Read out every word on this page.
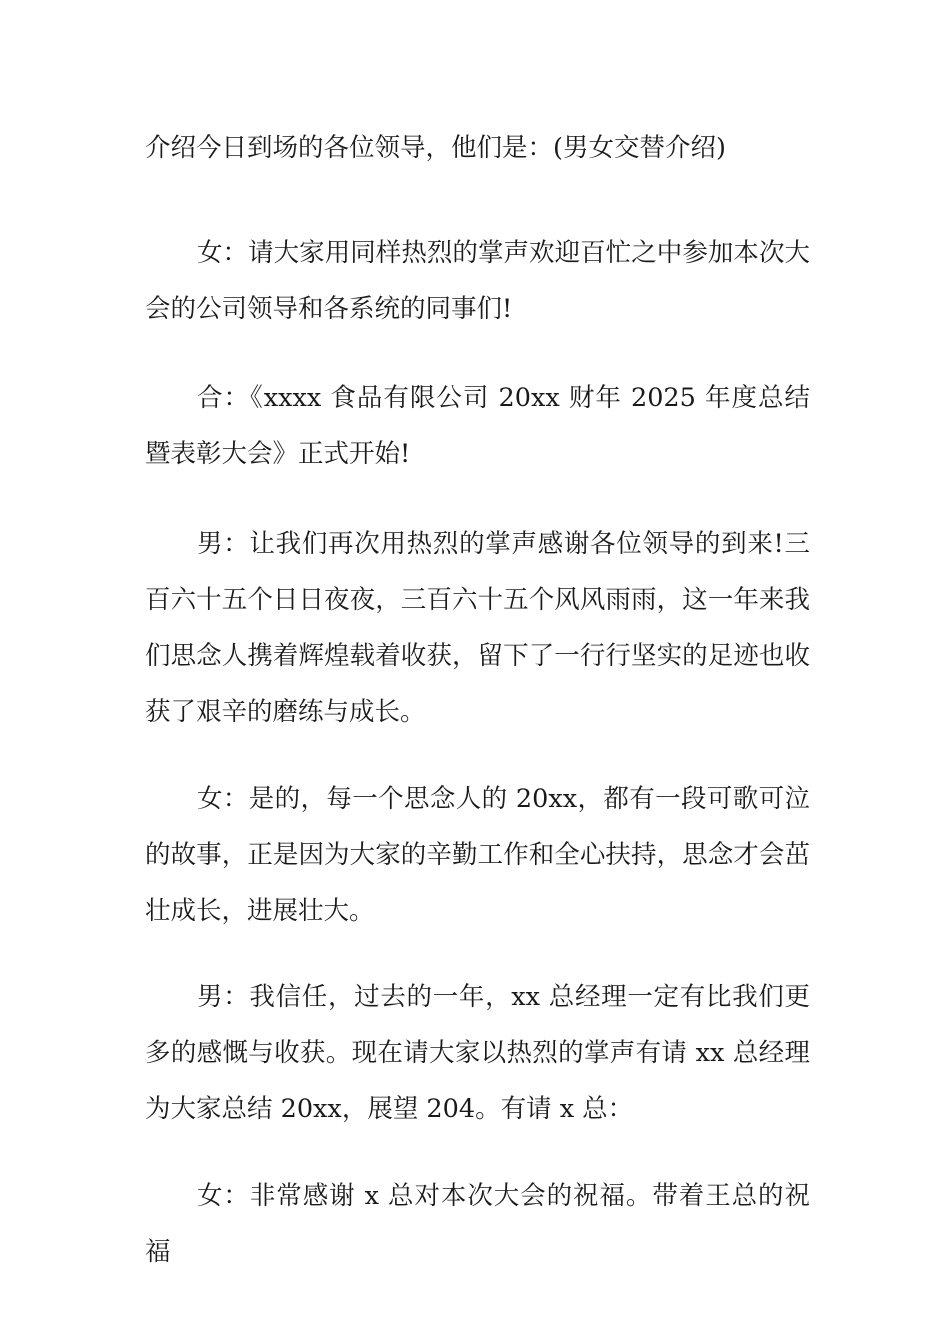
介绍今日到场的各位领导，他们是：(男女交替介绍)

女：请大家用同样热烈的掌声欢迎百忙之中参加本次大会的公司领导和各系统的同事们!

合：《xxxx 食品有限公司 20xx 财年 2025 年度总结暨表彰大会》正式开始!

男：让我们再次用热烈的掌声感谢各位领导的到来!三百六十五个日日夜夜，三百六十五个风风雨雨，这一年来我们思念人携着辉煌载着收获，留下了一行行坚实的足迹也收获了艰辛的磨练与成长。

女：是的，每一个思念人的 20xx，都有一段可歌可泣的故事，正是因为大家的辛勤工作和全心扶持，思念才会茁壮成长，进展壮大。

男：我信任，过去的一年，xx 总经理一定有比我们更多的感慨与收获。现在请大家以热烈的掌声有请 xx 总经理为大家总结 20xx，展望 204。有请 x 总：

女：非常感谢 x 总对本次大会的祝福。带着王总的祝福
